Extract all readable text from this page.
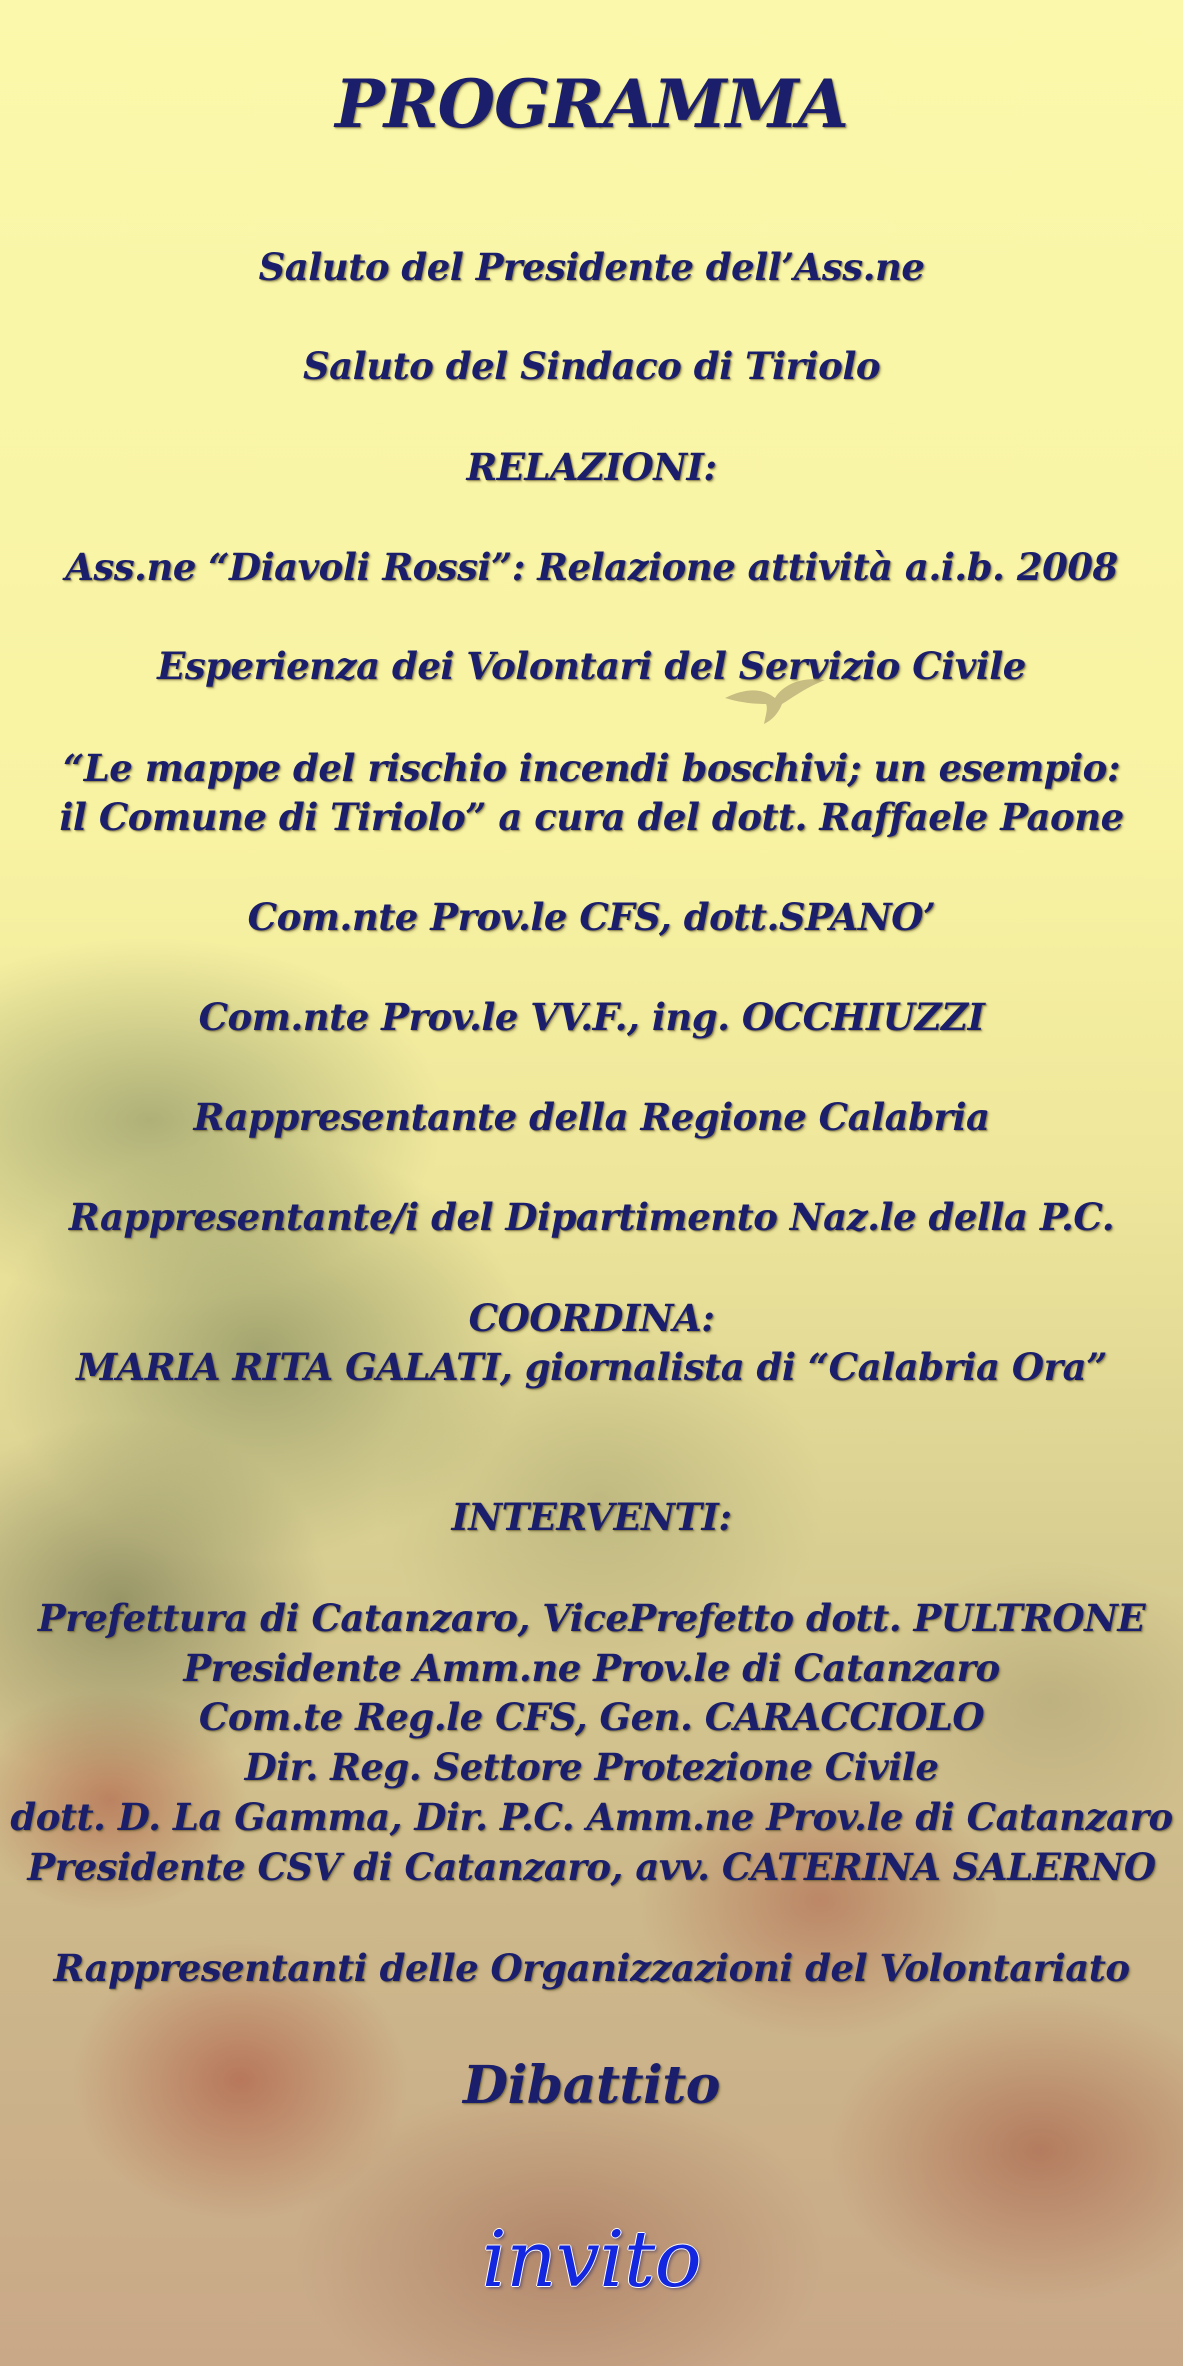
PROGRAMMA
Saluto del Presidente dell’Ass.ne
Saluto del Sindaco di Tiriolo
RELAZIONI:
Ass.ne “Diavoli Rossi”: Relazione attività a.i.b. 2008
Esperienza dei Volontari del Servizio Civile
“Le mappe del rischio incendi boschivi; un esempio:
il Comune di Tiriolo” a cura del dott. Raffaele Paone
Com.nte Prov.le CFS, dott.SPANO’
Com.nte Prov.le VV.F., ing. OCCHIUZZI
Rappresentante della Regione Calabria
Rappresentante/i del Dipartimento Naz.le della P.C.
COORDINA:
MARIA RITA GALATI, giornalista di “Calabria Ora”
INTERVENTI:
Prefettura di Catanzaro, VicePrefetto dott. PULTRONE
Presidente Amm.ne Prov.le di Catanzaro
Com.te Reg.le CFS, Gen. CARACCIOLO
Dir. Reg. Settore Protezione Civile
dott. D. La Gamma, Dir. P.C. Amm.ne Prov.le di Catanzaro
Presidente CSV di Catanzaro, avv. CATERINA SALERNO
Rappresentanti delle Organizzazioni del Volontariato
Dibattito
invito
